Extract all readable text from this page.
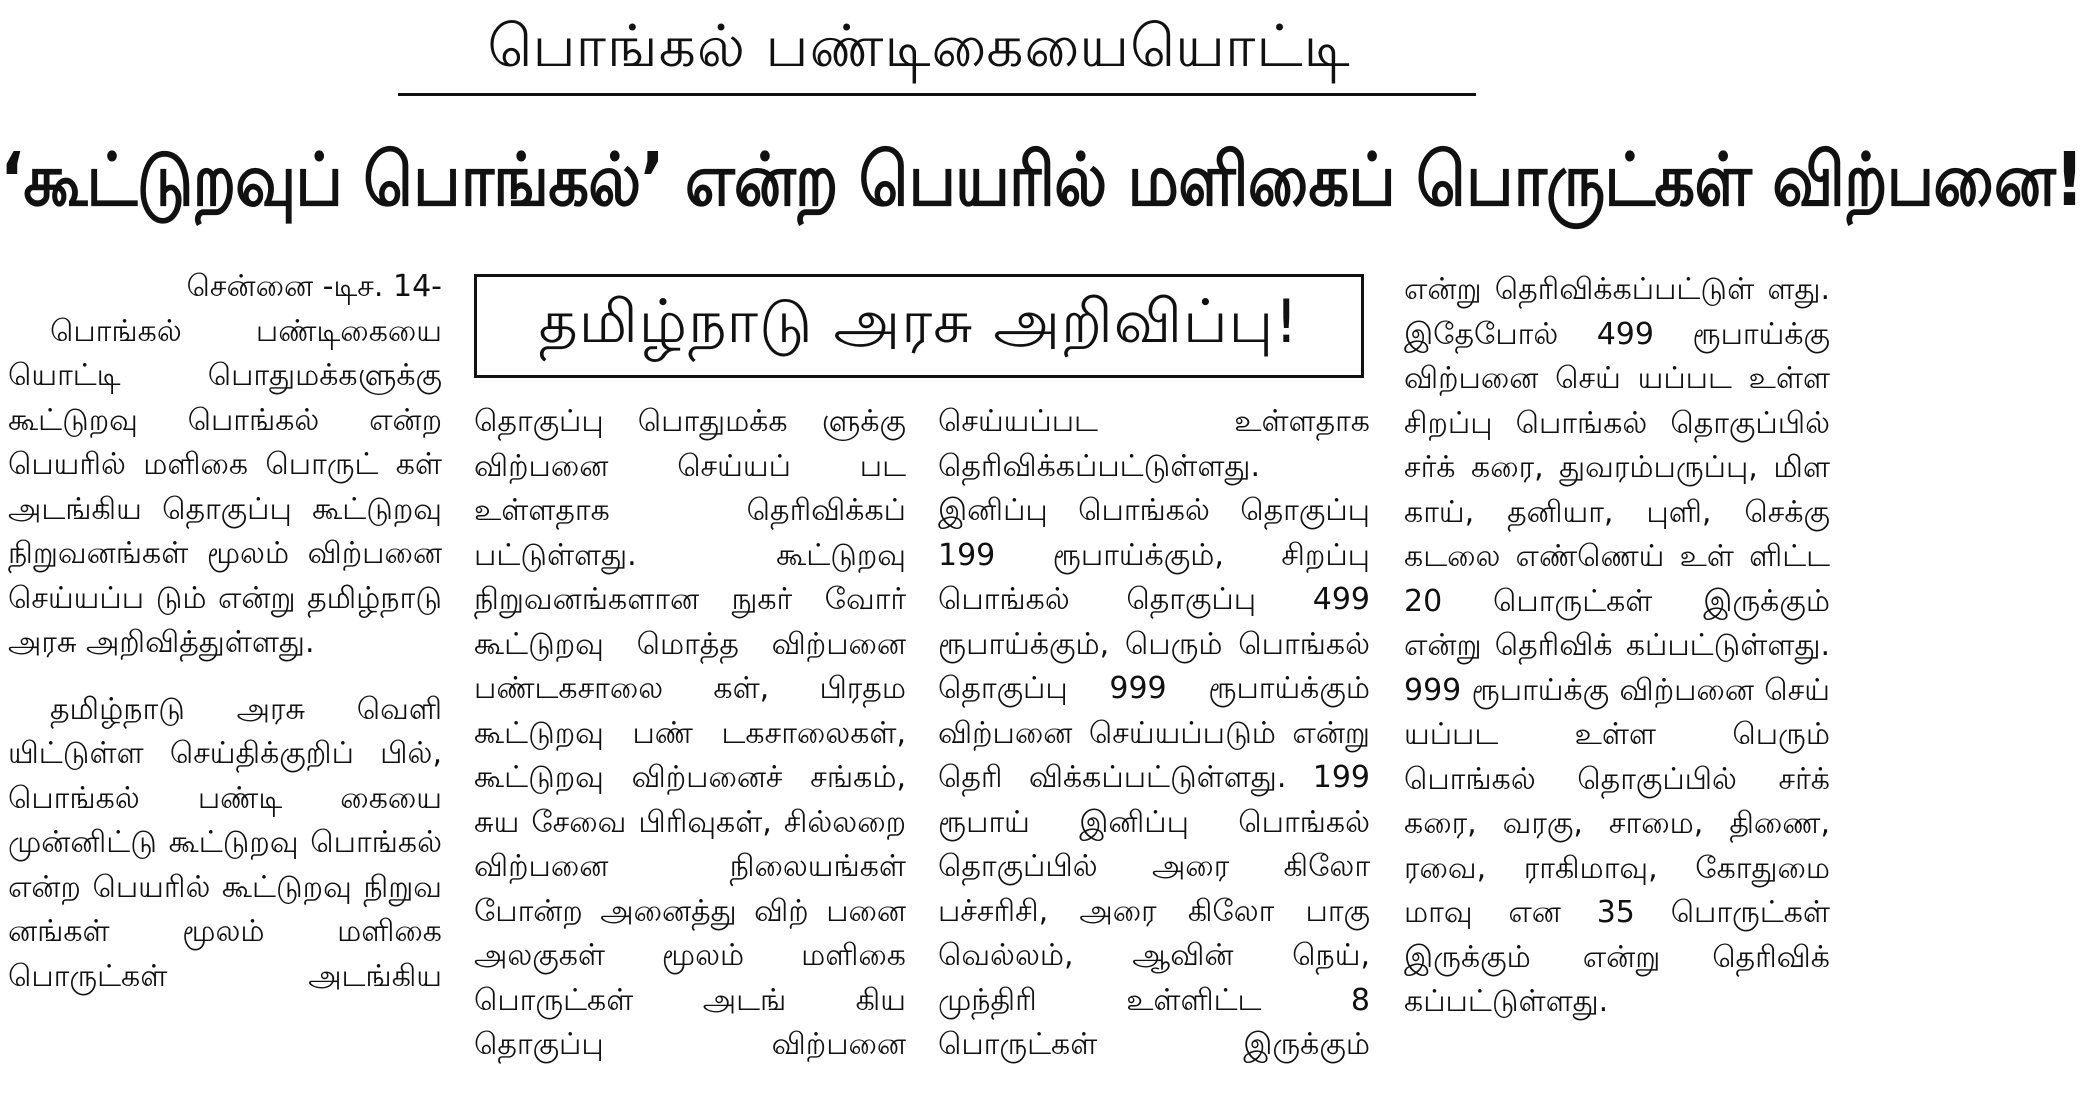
பொங்கல் பண்டிகையையொட்டி
‘கூட்டுறவுப் பொங்கல்’ என்ற பெயரில் மளிகைப் பொருட்கள் விற்பனை!

சென்னை -டிச. 14-

பொங்கல் பண்டிகையை யொட்டி பொதுமக்களுக்கு கூட்டுறவு பொங்கல் என்ற பெயரில் மளிகை பொருட் கள் அடங்கிய தொகுப்பு கூட்டுறவு நிறுவனங்கள் மூலம் விற்பனை செய்யப்ப டும் என்று தமிழ்நாடு அரசு அறிவித்துள்ளது.

தமிழ்நாடு அரசு வெளி யிட்டுள்ள செய்திக்குறிப் பில், பொங்கல் பண்டி கையை முன்னிட்டு கூட்டுறவு பொங்கல் என்ற பெயரில் கூட்டுறவு நிறுவ னங்கள் மூலம் மளிகை பொருட்கள் அடங்கிய

தமிழ்நாடு அரசு அறிவிப்பு!

தொகுப்பு பொதுமக்க ளுக்கு விற்பனை செய்யப் பட உள்ளதாக தெரிவிக்கப் பட்டுள்ளது. கூட்டுறவு நிறுவனங்களான நுகர் வோர் கூட்டுறவு மொத்த விற்பனை பண்டகசாலை கள், பிரதம கூட்டுறவு பண் டகசாலைகள், கூட்டுறவு விற்பனைச் சங்கம், சுய சேவை பிரிவுகள், சில்லறை விற்பனை நிலையங்கள் போன்ற அனைத்து விற் பனை அலகுகள் மூலம் மளிகை பொருட்கள் அடங் கிய தொகுப்பு விற்பனை

செய்யப்பட உள்ளதாக தெரிவிக்கப்பட்டுள்ளது. இனிப்பு பொங்கல் தொகுப்பு 199 ரூபாய்க்கும், சிறப்பு பொங்கல் தொகுப்பு 499 ரூபாய்க்கும், பெரும் பொங்கல் தொகுப்பு 999 ரூபாய்க்கும் விற்பனை செய்யப்படும் என்று தெரி விக்கப்பட்டுள்ளது. 199 ரூபாய் இனிப்பு பொங்கல் தொகுப்பில் அரை கிலோ பச்சரிசி, அரை கிலோ பாகு வெல்லம், ஆவின் நெய், முந்திரி உள்ளிட்ட 8 பொருட்கள் இருக்கும்

என்று தெரிவிக்கப்பட்டுள் ளது. இதேபோல் 499 ரூபாய்க்கு விற்பனை செய் யப்பட உள்ள சிறப்பு பொங்கல் தொகுப்பில் சர்க் கரை, துவரம்பருப்பு, மிள காய், தனியா, புளி, செக்கு கடலை எண்ணெய் உள் ளிட்ட 20 பொருட்கள் இருக்கும் என்று தெரிவிக் கப்பட்டுள்ளது. 999 ரூபாய்க்கு விற்பனை செய் யப்பட உள்ள பெரும் பொங்கல் தொகுப்பில் சர்க் கரை, வரகு, சாமை, திணை, ரவை, ராகிமாவு, கோதுமை மாவு என 35 பொருட்கள் இருக்கும் என்று தெரிவிக் கப்பட்டுள்ளது.
